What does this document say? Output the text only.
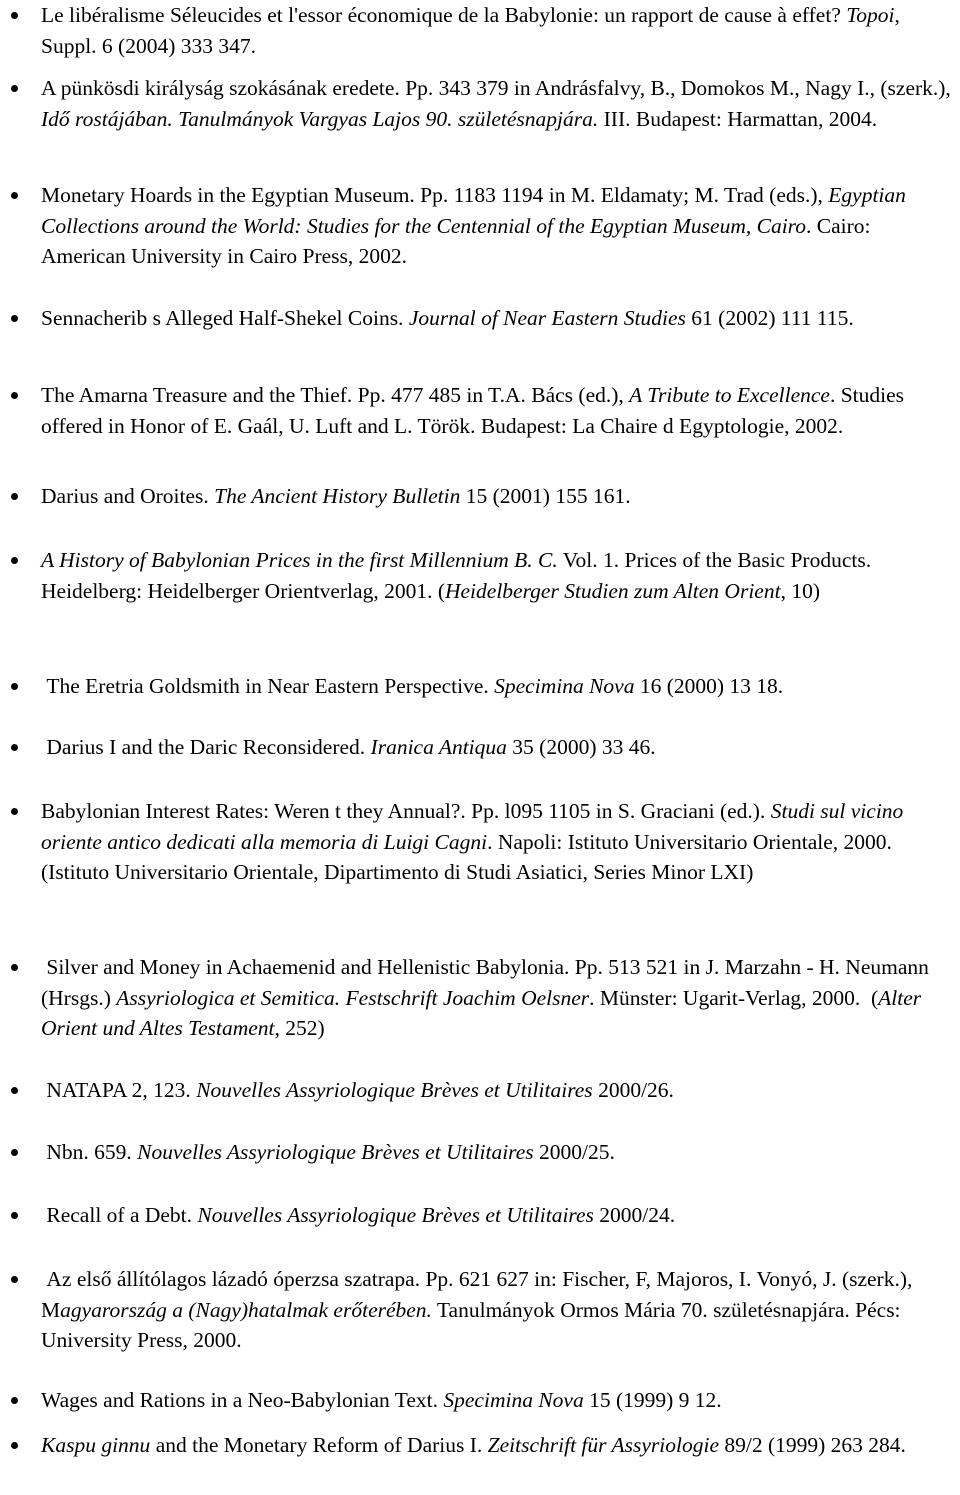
Le libéralisme Séleucides et l'essor économique de la Babylonie: un rapport de cause à effet? Topoi, Suppl. 6 (2004) 333 347.
A pünkösdi királyság szokásának eredete. Pp. 343 379 in Andrásfalvy, B., Domokos M., Nagy I., (szerk.), Idő rostájában. Tanulmányok Vargyas Lajos 90. születésnapjára. III. Budapest: Harmattan, 2004.
Monetary Hoards in the Egyptian Museum. Pp. 1183 1194 in M. Eldamaty; M. Trad (eds.), Egyptian Collections around the World: Studies for the Centennial of the Egyptian Museum, Cairo. Cairo: American University in Cairo Press, 2002.
Sennacherib s Alleged Half-Shekel Coins. Journal of Near Eastern Studies 61 (2002) 111 115.
The Amarna Treasure and the Thief. Pp. 477 485 in T.A. Bács (ed.), A Tribute to Excellence. Studies offered in Honor of E. Gaál, U. Luft and L. Török. Budapest: La Chaire d Egyptologie, 2002.
Darius and Oroites. The Ancient History Bulletin 15 (2001) 155 161.
A History of Babylonian Prices in the first Millennium B. C. Vol. 1. Prices of the Basic Products. Heidelberg: Heidelberger Orientverlag, 2001. (Heidelberger Studien zum Alten Orient, 10)
The Eretria Goldsmith in Near Eastern Perspective. Specimina Nova 16 (2000) 13 18.
Darius I and the Daric Reconsidered. Iranica Antiqua 35 (2000) 33 46.
Babylonian Interest Rates: Weren t they Annual?. Pp. l095 1105 in S. Graciani (ed.). Studi sul vicino oriente antico dedicati alla memoria di Luigi Cagni. Napoli: Istituto Universitario Orientale, 2000. (Istituto Universitario Orientale, Dipartimento di Studi Asiatici, Series Minor LXI)
Silver and Money in Achaemenid and Hellenistic Babylonia. Pp. 513 521 in J. Marzahn - H. Neumann (Hrsgs.) Assyriologica et Semitica. Festschrift Joachim Oelsner. Münster: Ugarit-Verlag, 2000.  (Alter Orient und Altes Testament, 252)
NATAPA 2, 123. Nouvelles Assyriologique Brèves et Utilitaires 2000/26.
Nbn. 659. Nouvelles Assyriologique Brèves et Utilitaires 2000/25.
Recall of a Debt. Nouvelles Assyriologique Brèves et Utilitaires 2000/24.
Az első állítólagos lázadó óperzsa szatrapa. Pp. 621 627 in: Fischer, F, Majoros, I. Vonyó, J. (szerk.), Magyarország a (Nagy)hatalmak erőterében. Tanulmányok Ormos Mária 70. születésnapjára. Pécs: University Press, 2000.
Wages and Rations in a Neo-Babylonian Text. Specimina Nova 15 (1999) 9 12.
Kaspu ginnu and the Monetary Reform of Darius I. Zeitschrift für Assyriologie 89/2 (1999) 263 284.
